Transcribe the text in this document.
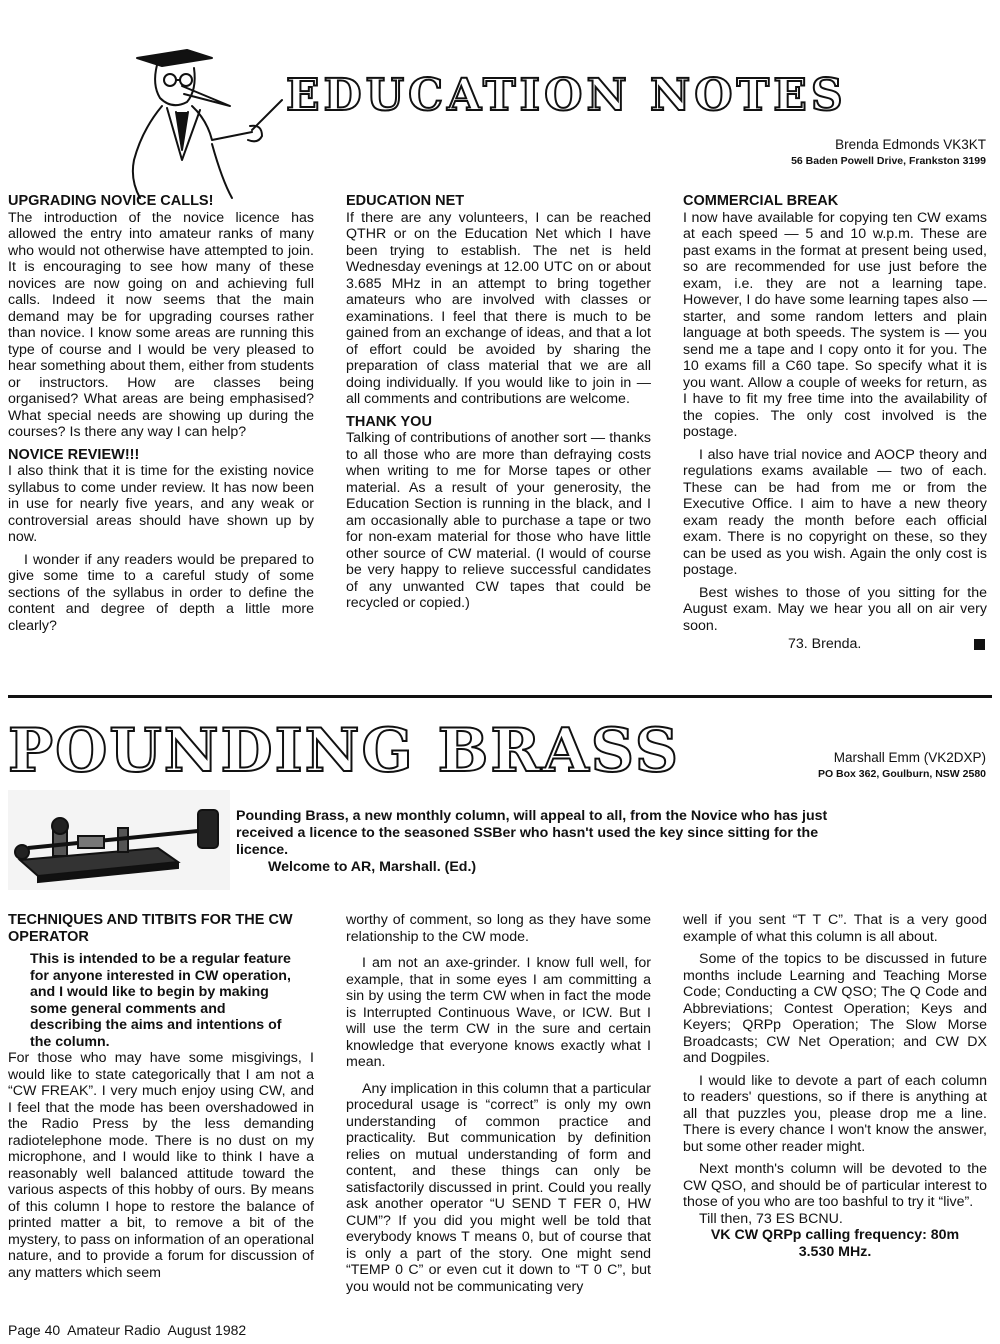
EDUCATION NOTES
Brenda Edmonds VK3KT
56 Baden Powell Drive, Frankston 3199

UPGRADING NOVICE CALLS!

The introduction of the novice licence has allowed the entry into amateur ranks of many who would not otherwise have attempted to join. It is encouraging to see how many of these novices are now going on and achieving full calls. Indeed it now seems that the main demand may be for upgrading courses rather than novice. I know some areas are running this type of course and I would be very pleased to hear something about them, either from students or instructors. How are classes being organised? What areas are being emphasised? What special needs are showing up during the courses? Is there any way I can help?

NOVICE REVIEW!!!

I also think that it is time for the existing novice syllabus to come under review. It has now been in use for nearly five years, and any weak or controversial areas should have shown up by now.

I wonder if any readers would be prepared to give some time to a careful study of some sections of the syllabus in order to define the content and degree of depth a little more clearly?

EDUCATION NET

If there are any volunteers, I can be reached QTHR or on the Education Net which I have been trying to establish. The net is held Wednesday evenings at 12.00 UTC on or about 3.685 MHz in an attempt to bring together amateurs who are involved with classes or examinations. I feel that there is much to be gained from an exchange of ideas, and that a lot of effort could be avoided by sharing the preparation of class material that we are all doing individually. If you would like to join in — all comments and contributions are welcome.

THANK YOU

Talking of contributions of another sort — thanks to all those who are more than defraying costs when writing to me for Morse tapes or other material. As a result of your generosity, the Education Section is running in the black, and I am occasionally able to purchase a tape or two for non-exam material for those who have little other source of CW material. (I would of course be very happy to relieve successful candidates of any unwanted CW tapes that could be recycled or copied.)

COMMERCIAL BREAK

I now have available for copying ten CW exams at each speed — 5 and 10 w.p.m. These are past exams in the format at present being used, so are recommended for use just before the exam, i.e. they are not a learning tape. However, I do have some learning tapes also — starter, and some random letters and plain language at both speeds. The system is — you send me a tape and I copy onto it for you. The 10 exams fill a C60 tape. So specify what it is you want. Allow a couple of weeks for return, as I have to fit my free time into the availability of the copies. The only cost involved is the postage.

I also have trial novice and AOCP theory and regulations exams available — two of each. These can be had from me or from the Executive Office. I aim to have a new theory exam ready the month before each official exam. There is no copyright on these, so they can be used as you wish. Again the only cost is postage.

Best wishes to those of you sitting for the August exam. May we hear you all on air very soon.

73. Brenda.

POUNDING BRASS	Marshall Emm (VK2DXP)
PO Box 362, Goulburn, NSW 2580

Pounding Brass, a new monthly column, will appeal to all, from the Novice who has just received a licence to the seasoned SSBer who hasn't used the key since sitting for the licence.

Welcome to AR, Marshall. (Ed.)

TECHNIQUES AND TITBITS FOR THE CW OPERATOR

This is intended to be a regular feature for anyone interested in CW operation, and I would like to begin by making some general comments and describing the aims and intentions of the column.

For those who may have some misgivings, I would like to state categorically that I am not a “CW FREAK”. I very much enjoy using CW, and I feel that the mode has been overshadowed in the Radio Press by the less demanding radiotelephone mode. There is no dust on my microphone, and I would like to think I have a reasonably well balanced attitude toward the various aspects of this hobby of ours. By means of this column I hope to restore the balance of printed matter a bit, to remove a bit of the mystery, to pass on information of an operational nature, and to provide a forum for discussion of any matters which seem

worthy of comment, so long as they have some relationship to the CW mode.

I am not an axe-grinder. I know full well, for example, that in some eyes I am committing a sin by using the term CW when in fact the mode is Interrupted Continuous Wave, or ICW. But I will use the term CW in the sure and certain knowledge that everyone knows exactly what I mean.

Any implication in this column that a particular procedural usage is “correct” is only my own understanding of common practice and practicality. But communication by definition relies on mutual understanding of form and content, and these things can only be satisfactorily discussed in print. Could you really ask another operator “U SEND T FER 0, HW CUM”? If you did you might well be told that everybody knows T means 0, but of course that is only a part of the story. One might send “TEMP 0 C” or even cut it down to “T 0 C”, but you would not be communicating very

well if you sent “T T C”. That is a very good example of what this column is all about.

Some of the topics to be discussed in future months include Learning and Teaching Morse Code; Conducting a CW QSO; The Q Code and Abbreviations; Contest Operation; Keys and Keyers; QRPp Operation; The Slow Morse Broadcasts; CW Net Operation; and CW DX and Dogpiles.

I would like to devote a part of each column to readers' questions, so if there is anything at all that puzzles you, please drop me a line. There is every chance I won't know the answer, but some other reader might.

Next month's column will be devoted to the CW QSO, and should be of particular interest to those of you who are too bashful to try it “live”.

Till then, 73 ES BCNU.

VK CW QRPp calling frequency: 80m 3.530 MHz.

Page 40  Amateur Radio  August 1982
